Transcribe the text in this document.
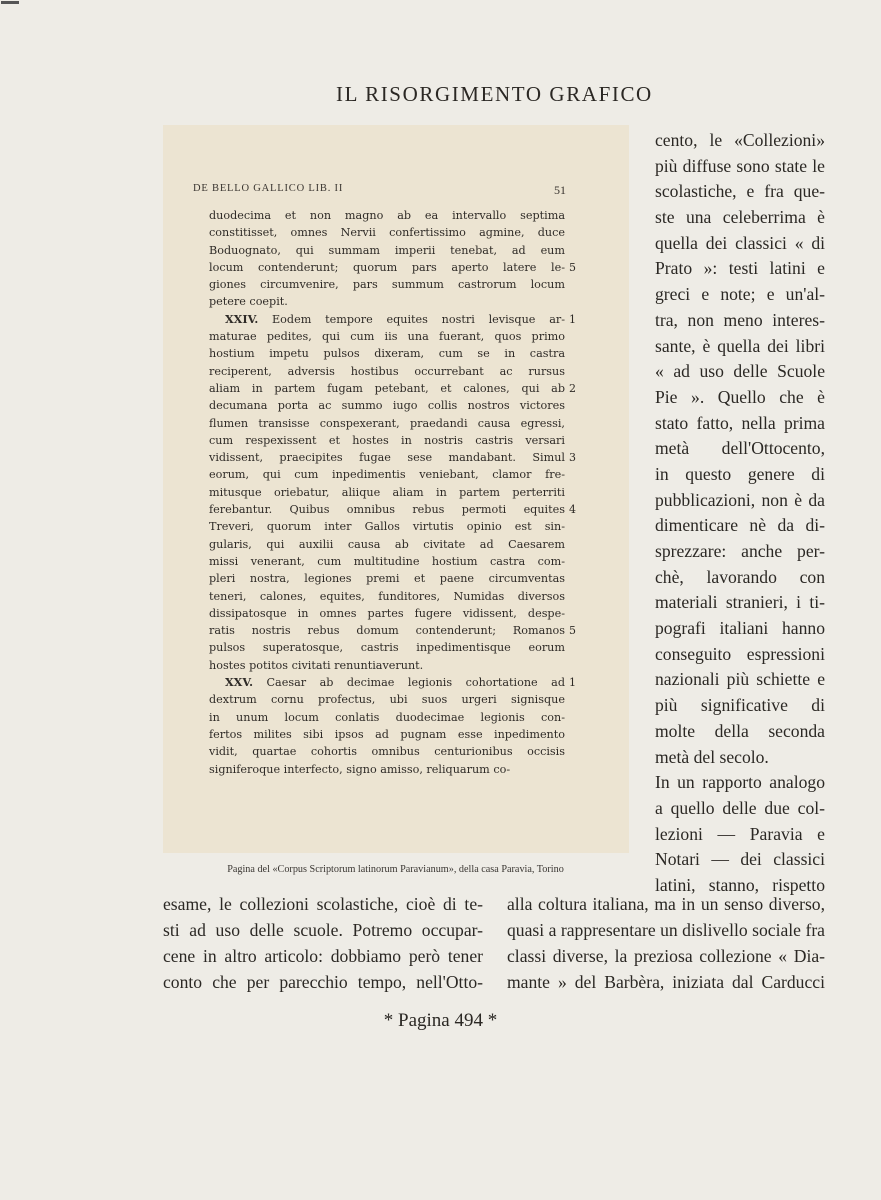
IL RISORGIMENTO GRAFICO
DE BELLO GALLICO LIB. II	51
duodecima et non magno ab ea intervallo septima
constitisset, omnes Nervii confertissimo agmine, duce
Boduognato, qui summam imperii tenebat, ad eum
locum contenderunt; quorum pars aperto latere le- 5
giones circumvenire, pars summum castrorum locum
petere coepit.
XXIV. Eodem tempore equites nostri levisque ar- 1
maturae pedites, qui cum iis una fuerant, quos primo
hostium impetu pulsos dixeram, cum se in castra
reciperent, adversis hostibus occurrebant ac rursus
aliam in partem fugam petebant, et calones, qui ab 2
decumana porta ac summo iugo collis nostros victores
flumen transisse conspexerant, praedandi causa egressi,
cum respexissent et hostes in nostris castris versari
vidissent, praecipites fugae sese mandabant. Simul 3
eorum, qui cum inpedimentis veniebant, clamor fre-
mitusque oriebatur, aliique aliam in partem perterriti
ferebantur. Quibus omnibus rebus permoti equites 4
Treveri, quorum inter Gallos virtutis opinio est sin-
gularis, qui auxilii causa ab civitate ad Caesarem
missi venerant, cum multitudine hostium castra com-
pleri nostra, legiones premi et paene circumventas
teneri, calones, equites, funditores, Numidas diversos
dissipatosque in omnes partes fugere vidissent, despe-
ratis nostris rebus domum contenderunt; Romanos 5
pulsos superatosque, castris inpedimentisque eorum
hostes potitos civitati renuntiaverunt.
XXV. Caesar ab decimae legionis cohortatione ad 1
dextrum cornu profectus, ubi suos urgeri signisque
in unum locum conlatis duodecimae legionis con-
fertos milites sibi ipsos ad pugnam esse inpedimento
vidit, quartae cohortis omnibus centurionibus occisis
signiferoque interfecto, signo amisso, reliquarum co-
Pagina del «Corpus Scriptorum latinorum Paravianum», della casa Paravia, Torino
cento, le «Collezioni»
più diffuse sono state le
scolastiche, e fra que-
ste una celeberrima è
quella dei classici « di
Prato »: testi latini e
greci e note; e un'al-
tra, non meno interes-
sante, è quella dei libri
« ad uso delle Scuole
Pie ». Quello che è
stato fatto, nella prima
metà dell'Ottocento,
in questo genere di
pubblicazioni, non è da
dimenticare nè da di-
sprezzare: anche per-
chè, lavorando con
materiali stranieri, i ti-
pografi italiani hanno
conseguito espressioni
nazionali più schiette e
più significative di
molte della seconda
metà del secolo.
In un rapporto analogo
a quello delle due col-
lezioni — Paravia e
Notari — dei classici
latini, stanno, rispetto
esame, le collezioni scolastiche, cioè di te-
sti ad uso delle scuole. Potremo occupar-
cene in altro articolo: dobbiamo però tener
conto che per parecchio tempo, nell'Otto-
alla coltura italiana, ma in un senso diverso,
quasi a rappresentare un dislivello sociale fra
classi diverse, la preziosa collezione « Dia-
mante » del Barbèra, iniziata dal Carducci
* Pagina 494 *
